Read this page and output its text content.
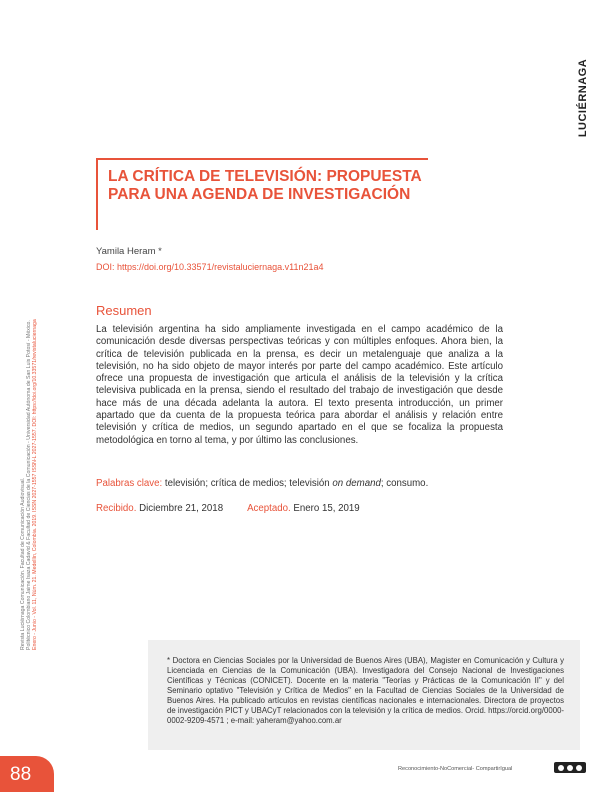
LUCIÉRNAGA
LA CRÍTICA DE TELEVISIÓN: PROPUESTA PARA UNA AGENDA DE INVESTIGACIÓN
Yamila Heram *
DOI: https://doi.org/10.33571/revistaluciernaga.v11n21a4
Resumen

La televisión argentina ha sido ampliamente investigada en el campo académico de la comunicación desde diversas perspectivas teóricas y con múltiples enfoques. Ahora bien, la crítica de televisión publicada en la prensa, es decir un metalenguaje que analiza a la televisión, no ha sido objeto de mayor interés por parte del campo académico. Este artículo ofrece una propuesta de investigación que articula el análisis de la televisión y la crítica televisiva publicada en la prensa, siendo el resultado del trabajo de investigación que desde hace más de una década adelanta la autora. El texto presenta introducción, un primer apartado que da cuenta de la propuesta teórica para abordar el análisis y relación entre televisión y crítica de medios, un segundo apartado en el que se focaliza la propuesta metodológica en torno al tema, y por último las conclusiones.

Palabras clave: televisión; crítica de medios; televisión on demand; consumo.
Recibido. Diciembre 21, 2018 Aceptado. Enero 15, 2019

* Doctora en Ciencias Sociales por la Universidad de Buenos Aires (UBA), Magister en Comunicación y Cultura y Licenciada en Ciencias de la Comunicación (UBA). Investigadora del Consejo Nacional de Investigaciones Científicas y Técnicas (CONICET). Docente en la materia "Teorías y Prácticas de la Comunicación II" y del Seminario optativo "Televisión y Crítica de Medios" en la Facultad de Ciencias Sociales de la Universidad de Buenos Aires. Ha publicado artículos en revistas científicas nacionales e internacionales. Directora de proyectos de investigación PICT y UBACyT relacionados con la televisión y la crítica de medios. Orcid. https://orcid.org/0000-0002-9209-4571 ; e-mail: yaheram@yahoo.com.ar

Revista Luciérnaga Comunicación. Facultad de Comunicación Audiovisual. Politécnico Colombiano Jaime Isaza Cadavid & Facultad de Ciencias de la Comunicación - Universidad Autónoma de San Luis Potosí - México. Enero - Junio - Vol. 11, Núm. 21. Medellín, Colombia. 2019. ISSN 2027-1557 ISSN-L 2027-1557. DOI: https://doi.org/10.33571/revistaluciernaga
88	Reconocimiento-NoComercial- CompartirIgual
